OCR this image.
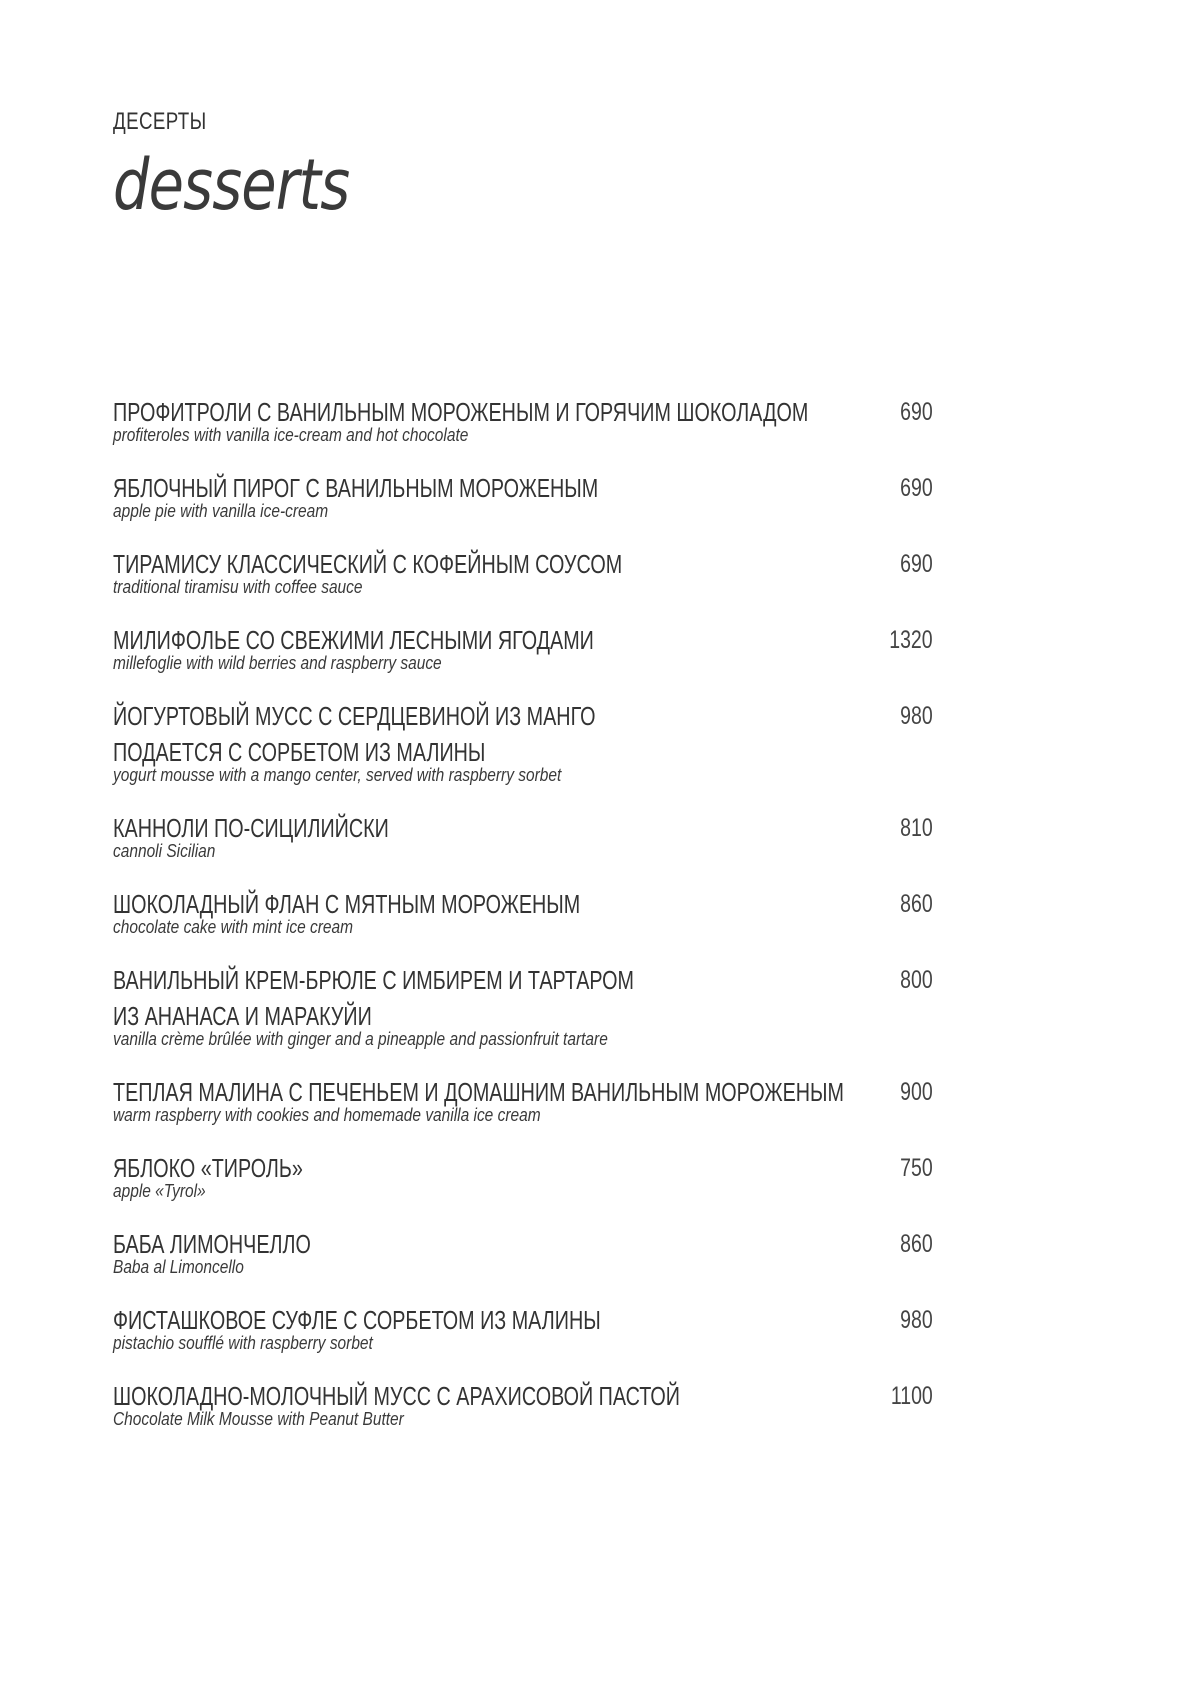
ДЕСЕРТЫ

desserts
ПРОФИТРОЛИ С ВАНИЛЬНЫМ МОРОЖЕНЫМ И ГОРЯЧИМ ШОКОЛАДОМ
profiteroles with vanilla ice-cream and hot chocolate
690
ЯБЛОЧНЫЙ ПИРОГ С ВАНИЛЬНЫМ МОРОЖЕНЫМ
apple pie with vanilla ice-cream
690
ТИРАМИСУ КЛАССИЧЕСКИЙ С КОФЕЙНЫМ СОУСОМ
traditional tiramisu with coffee sauce
690
МИЛИФОЛЬЕ СО СВЕЖИМИ ЛЕСНЫМИ ЯГОДАМИ
millefoglie with wild berries and raspberry sauce
1320
ЙОГУРТОВЫЙ МУСС С СЕРДЦЕВИНОЙ ИЗ МАНГО
ПОДАЕТСЯ С СОРБЕТОМ ИЗ МАЛИНЫ
yogurt mousse with a mango center, served with raspberry sorbet
980
КАННОЛИ ПО-СИЦИЛИЙСКИ
cannoli Sicilian
810
ШОКОЛАДНЫЙ ФЛАН С МЯТНЫМ МОРОЖЕНЫМ
chocolate cake with mint ice cream
860
ВАНИЛЬНЫЙ КРЕМ-БРЮЛЕ С ИМБИРЕМ И ТАРТАРОМ
ИЗ АНАНАСА И МАРАКУЙИ
vanilla crème brûlée with ginger and a pineapple and passionfruit tartare
800
ТЕПЛАЯ МАЛИНА С ПЕЧЕНЬЕМ И ДОМАШНИМ ВАНИЛЬНЫМ МОРОЖЕНЫМ
warm raspberry with cookies and homemade vanilla ice cream
900
ЯБЛОКО «ТИРОЛЬ»
apple «Tyrol»
750
БАБА ЛИМОНЧЕЛЛО
Baba al Limoncello
860
ФИСТАШКОВОЕ СУФЛЕ С СОРБЕТОМ ИЗ МАЛИНЫ
pistachio soufflé with raspberry sorbet
980
ШОКОЛАДНО-МОЛОЧНЫЙ МУСС С АРАХИСОВОЙ ПАСТОЙ
Chocolate Milk Mousse with Peanut Butter
1100
